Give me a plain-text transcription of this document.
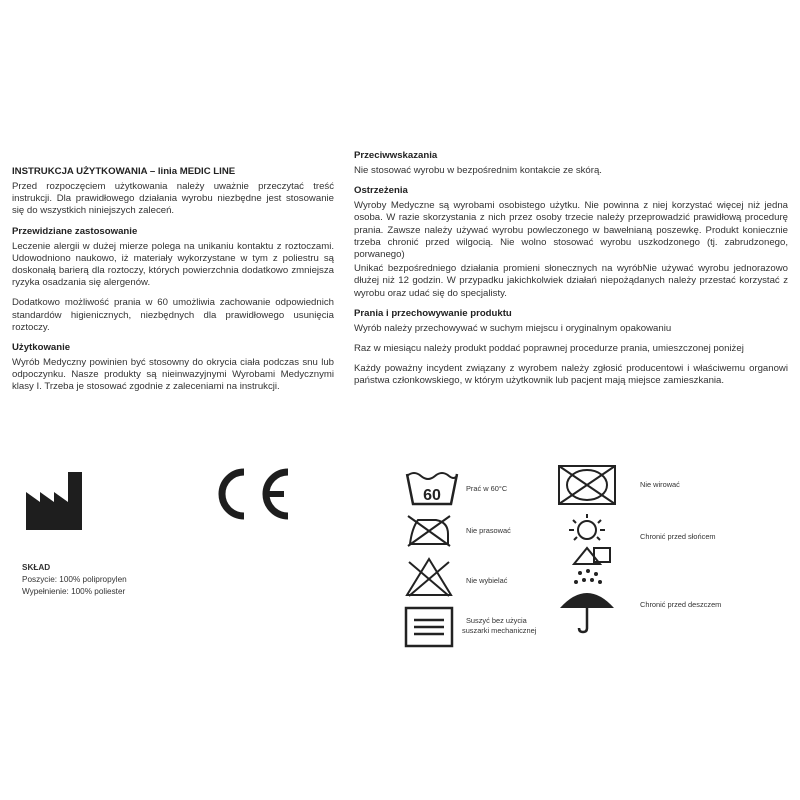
INSTRUKCJA UŻYTKOWANIA – linia MEDIC LINE
Przed rozpoczęciem użytkowania należy uważnie przeczytać treść instrukcji. Dla prawidłowego działania wyrobu niezbędne jest stosowanie się do wszystkich niniejszych zaleceń.
Przewidziane zastosowanie
Leczenie alergii w dużej mierze polega na unikaniu kontaktu z roztoczami. Udowodniono naukowo, iż materiały wykorzystane w tym z poliestru są doskonałą barierą dla roztoczy, których powierzchnia dodatkowo zmniejsza ryzyka osadzania się alergenów.
Dodatkowo możliwość prania w 60 umożliwia zachowanie odpowiednich standardów higienicznych, niezbędnych dla prawidłowego usunięcia roztoczy.
Użytkowanie
Wyrób Medyczny powinien być stosowny do okrycia ciała podczas snu lub odpoczynku. Nasze produkty są nieinwazyjnymi Wyrobami Medycznymi klasy I. Trzeba je stosować zgodnie z zaleceniami na instrukcji.
Przeciwwskazania
Nie stosować wyrobu w bezpośrednim kontakcie ze skórą.
Ostrzeżenia
Wyroby Medyczne są wyrobami osobistego użytku. Nie powinna z niej korzystać więcej niż jedna osoba. W razie skorzystania z nich przez osoby trzecie należy przeprowadzić prawidłową procedurę prania. Zawsze należy używać wyrobu powleczonego w bawełnianą poszewkę. Produkt koniecznie trzeba chronić przed wilgocią. Nie wolno stosować wyrobu uszkodzonego (tj. zabrudzonego, porwanego)
Unikać bezpośredniego działania promieni słonecznych na wyróbNie używać wyrobu jednorazowo dłużej niż 12 godzin. W przypadku jakichkolwiek działań niepożądanych należy przestać korzystać z wyrobu oraz udać się do specjalisty.
Prania i przechowywanie produktu
Wyrób należy przechowywać w suchym miejscu i oryginalnym opakowaniu
Raz w miesiącu należy produkt poddać poprawnej procedurze prania, umieszczonej poniżej
Każdy poważny incydent związany z wyrobem należy zgłosić producentowi i właściwemu organowi państwa członkowskiego, w którym użytkownik lub pacjent mają miejsce zamieszkania.
SKŁAD
Poszycie: 100% polipropylen
Wypełnienie: 100% poliester
60	Prać w 60°C
Nie prasować
Nie wybielać
Suszyć bez użycia
suszarki mechanicznej
Nie wirować
Chronić przed słońcem
Chronić przed deszczem
